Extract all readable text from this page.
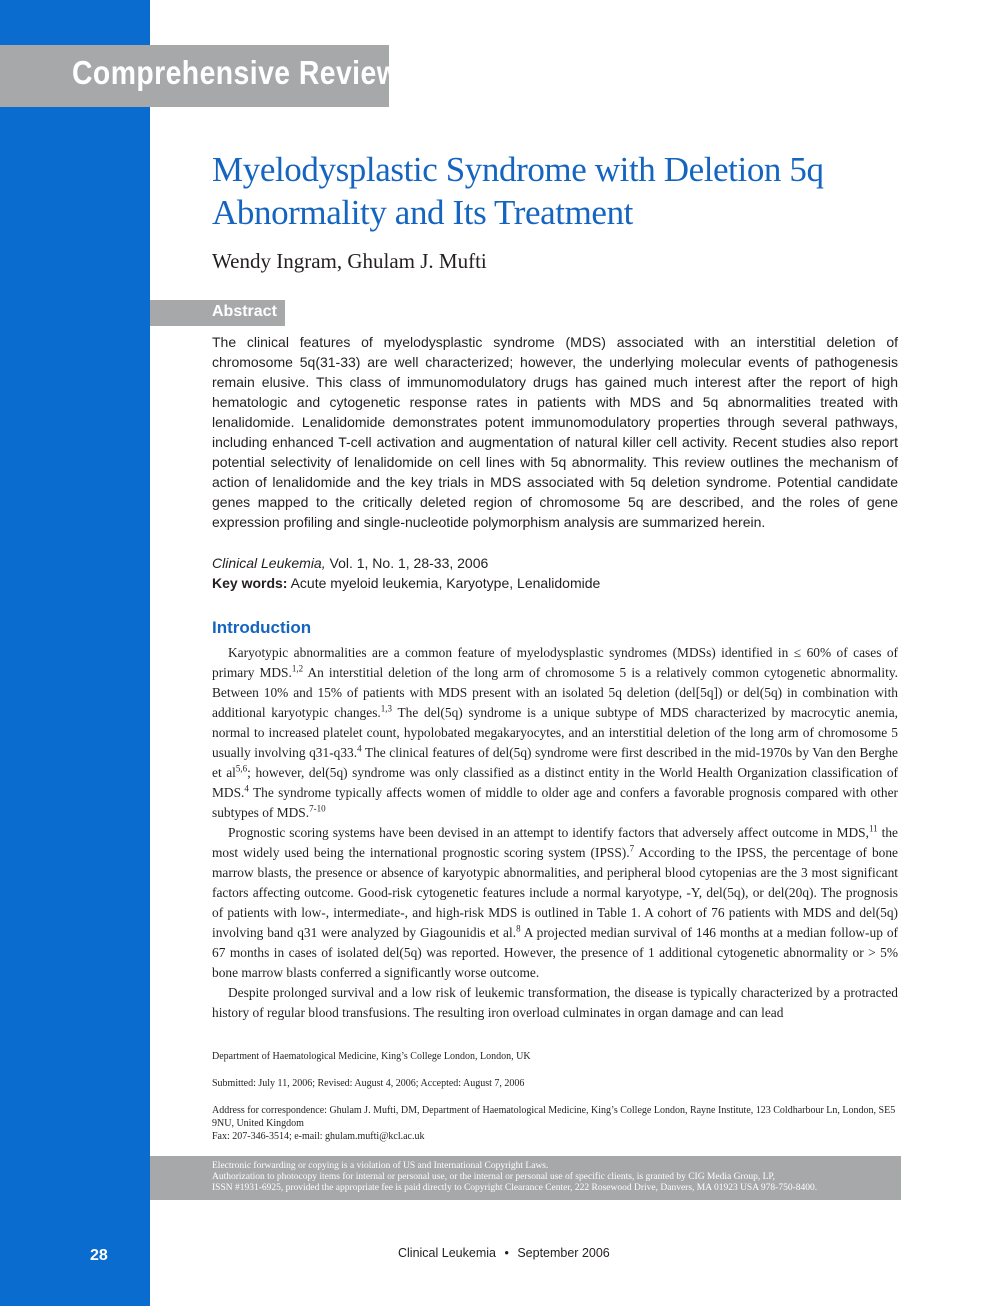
Comprehensive Review
Myelodysplastic Syndrome with Deletion 5q
Abnormality and Its Treatment
Wendy Ingram, Ghulam J. Mufti
Abstract

The clinical features of myelodysplastic syndrome (MDS) associated with an interstitial deletion of chromosome 5q(31-33) are well characterized; however, the underlying molecular events of pathogenesis remain elusive. This class of immunomodulatory drugs has gained much interest after the report of high hematologic and cytogenetic response rates in patients with MDS and 5q abnormalities treated with lenalidomide. Lenalidomide demonstrates potent immunomodulatory properties through several pathways, including enhanced T-cell activation and augmentation of natural killer cell activity. Recent studies also report potential selectivity of lenalidomide on cell lines with 5q abnormality. This review outlines the mechanism of action of lenalidomide and the key trials in MDS associated with 5q deletion syndrome. Potential candidate genes mapped to the critically deleted region of chromosome 5q are described, and the roles of gene expression profiling and single-nucleotide polymorphism analysis are summarized herein.

Clinical Leukemia, Vol. 1, No. 1, 28-33, 2006
Key words: Acute myeloid leukemia, Karyotype, Lenalidomide
Introduction

Karyotypic abnormalities are a common feature of myelodysplastic syndromes (MDSs) identified in ≤ 60% of cases of primary MDS.$^{1,2}$ An interstitial deletion of the long arm of chromosome 5 is a relatively common cytogenetic abnormality. Between 10% and 15% of patients with MDS present with an isolated 5q deletion (del[5q]) or del(5q) in combination with additional karyotypic changes.$^{1,3}$ The del(5q) syndrome is a unique subtype of MDS characterized by macrocytic anemia, normal to increased platelet count, hypolobated megakaryocytes, and an interstitial deletion of the long arm of chromosome 5 usually involving q31-q33.$^4$ The clinical features of del(5q) syndrome were first described in the mid-1970s by Van den Berghe et al$^{5,6}$; however, del(5q) syndrome was only classified as a distinct entity in the World Health Organization classification of MDS.$^4$ The syndrome typically affects women of middle to older age and confers a favorable prognosis compared with other subtypes of MDS.$^{7-10}$

Prognostic scoring systems have been devised in an attempt to identify factors that adversely affect outcome in MDS,$^{11}$ the most widely used being the international prognostic scoring system (IPSS).$^7$ According to the IPSS, the percentage of bone marrow blasts, the presence or absence of karyotypic abnormalities, and peripheral blood cytopenias are the 3 most significant factors affecting outcome. Good-risk cytogenetic features include a normal karyotype, -Y, del(5q), or del(20q). The prognosis of patients with low-, intermediate-, and high-risk MDS is outlined in Table 1. A cohort of 76 patients with MDS and del(5q) involving band q31 were analyzed by Giagounidis et al.$^8$ A projected median survival of 146 months at a median follow-up of 67 months in cases of isolated del(5q) was reported. However, the presence of 1 additional cytogenetic abnormality or > 5% bone marrow blasts conferred a significantly worse outcome.

Despite prolonged survival and a low risk of leukemic transformation, the disease is typically characterized by a protracted history of regular blood transfusions. The resulting iron overload culminates in organ damage and can lead

Department of Haematological Medicine, King’s College London, London, UK
Submitted: July 11, 2006; Revised: August 4, 2006; Accepted: August 7, 2006
Address for correspondence: Ghulam J. Mufti, DM, Department of Haematological Medicine, King’s College London, Rayne Institute, 123 Coldharbour Ln, London, SE5 9NU, United Kingdom
Fax: 207-346-3514; e-mail: ghulam.mufti@kcl.ac.uk
Electronic forwarding or copying is a violation of US and International Copyright Laws.
Authorization to photocopy items for internal or personal use, or the internal or personal use of specific clients, is granted by CIG Media Group, LP,
ISSN #1931-6925, provided the appropriate fee is paid directly to Copyright Clearance Center, 222 Rosewood Drive, Danvers, MA 01923 USA 978-750-8400.
28	Clinical Leukemia • September 2006
